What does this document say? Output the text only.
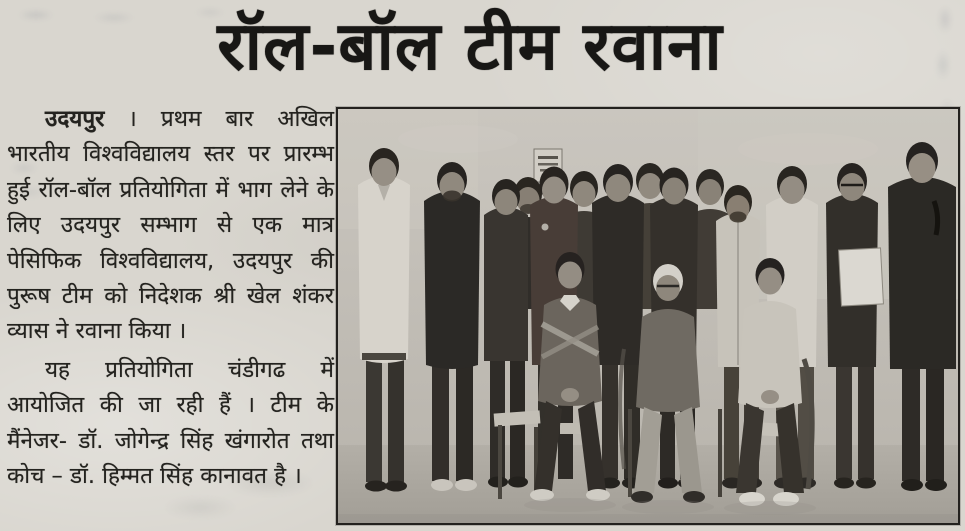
रॉल-बॉल टीम रवाना

उदयपुर । प्रथम बार अखिल भारतीय विश्वविद्यालय स्तर पर प्रारम्भ हुई रॉल-बॉल प्रतियोगिता में भाग लेने के लिए उदयपुर सम्भाग से एक मात्र पेसिफिक विश्वविद्यालय, उदयपुर की पुरूष टीम को निदेशक श्री खेल शंकर व्यास ने रवाना किया ।

यह प्रतियोगिता चंडीगढ में आयोजित की जा रही हैं । टीम के मैंनेजर- डॉ. जोगेन्द्र सिंह खंगारोत तथा कोच – डॉ. हिम्मत सिंह कानावत है ।
